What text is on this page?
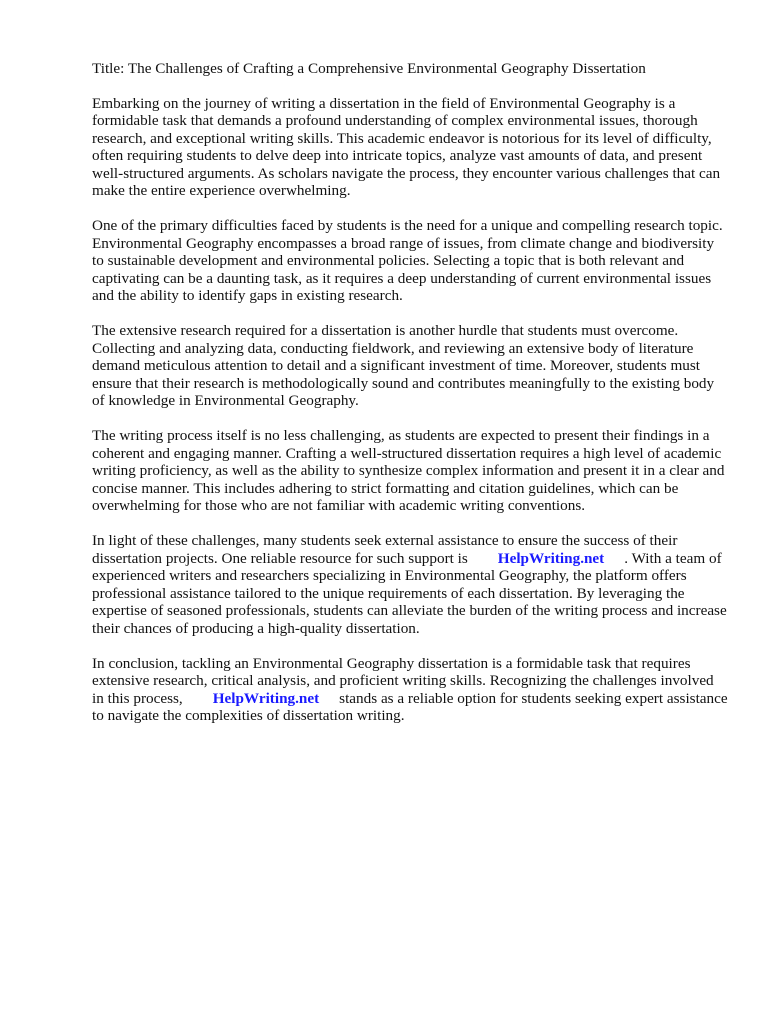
Title: The Challenges of Crafting a Comprehensive Environmental Geography Dissertation

Embarking on the journey of writing a dissertation in the field of Environmental Geography is a formidable task that demands a profound understanding of complex environmental issues, thorough research, and exceptional writing skills. This academic endeavor is notorious for its level of difficulty, often requiring students to delve deep into intricate topics, analyze vast amounts of data, and present well-structured arguments. As scholars navigate the process, they encounter various challenges that can make the entire experience overwhelming.

One of the primary difficulties faced by students is the need for a unique and compelling research topic. Environmental Geography encompasses a broad range of issues, from climate change and biodiversity to sustainable development and environmental policies. Selecting a topic that is both relevant and captivating can be a daunting task, as it requires a deep understanding of current environmental issues and the ability to identify gaps in existing research.

The extensive research required for a dissertation is another hurdle that students must overcome. Collecting and analyzing data, conducting fieldwork, and reviewing an extensive body of literature demand meticulous attention to detail and a significant investment of time. Moreover, students must ensure that their research is methodologically sound and contributes meaningfully to the existing body of knowledge in Environmental Geography.

The writing process itself is no less challenging, as students are expected to present their findings in a coherent and engaging manner. Crafting a well-structured dissertation requires a high level of academic writing proficiency, as well as the ability to synthesize complex information and present it in a clear and concise manner. This includes adhering to strict formatting and citation guidelines, which can be overwhelming for those who are not familiar with academic writing conventions.

In light of these challenges, many students seek external assistance to ensure the success of their dissertation projects. One reliable resource for such support is HelpWriting.net . With a team of experienced writers and researchers specializing in Environmental Geography, the platform offers professional assistance tailored to the unique requirements of each dissertation. By leveraging the expertise of seasoned professionals, students can alleviate the burden of the writing process and increase their chances of producing a high-quality dissertation.

In conclusion, tackling an Environmental Geography dissertation is a formidable task that requires extensive research, critical analysis, and proficient writing skills. Recognizing the challenges involved in this process, HelpWriting.net stands as a reliable option for students seeking expert assistance to navigate the complexities of dissertation writing.
